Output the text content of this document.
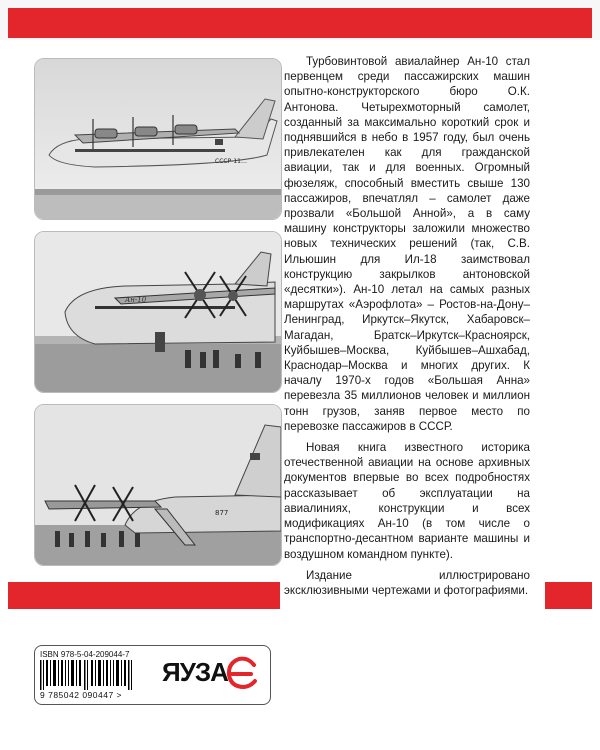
СССР-11…
Ан-10
877

Турбовинтовой авиалайнер Ан-10 стал первенцем среди пассажирских машин опытно-конструкторского бюро О.К. Антонова. Четырехмоторный самолет, созданный за максимально короткий срок и поднявшийся в небо в 1957 году, был очень привлекателен как для гражданской авиации, так и для военных. Огромный фюзеляж, способный вместить свыше 130 пассажиров, впечатлял – самолет даже прозвали «Большой Анной», а в саму машину конструкторы заложили множество новых технических решений (так, С.В. Ильюшин для Ил-18 заимствовал конструкцию закрылков антоновской «десятки»). Ан-10 летал на самых разных маршрутах «Аэрофлота» – Ростов-на-Дону–Ленинград, Иркутск–Якутск, Хабаровск–Магадан, Братск–Иркутск–Красноярск, Куйбышев–Москва, Куйбышев–Ашхабад, Краснодар–Москва и многих других. К началу 1970-х годов «Большая Анна» перевезла 35 миллионов человек и миллион тонн грузов, заняв первое место по перевозке пассажиров в СССР.

Новая книга известного историка отечественной авиации на основе архивных документов впервые во всех подробностях рассказывает об эксплуатации на авиалиниях, конструкции и всех модификациях Ан-10 (в том числе о транспортно-десантном варианте машины и воздушном командном пункте).

Издание иллюстрировано эксклюзивными чертежами и фотографиями.

ISBN 978-5-04-209044-7
9 785042 090447 >
ЯУЗА
